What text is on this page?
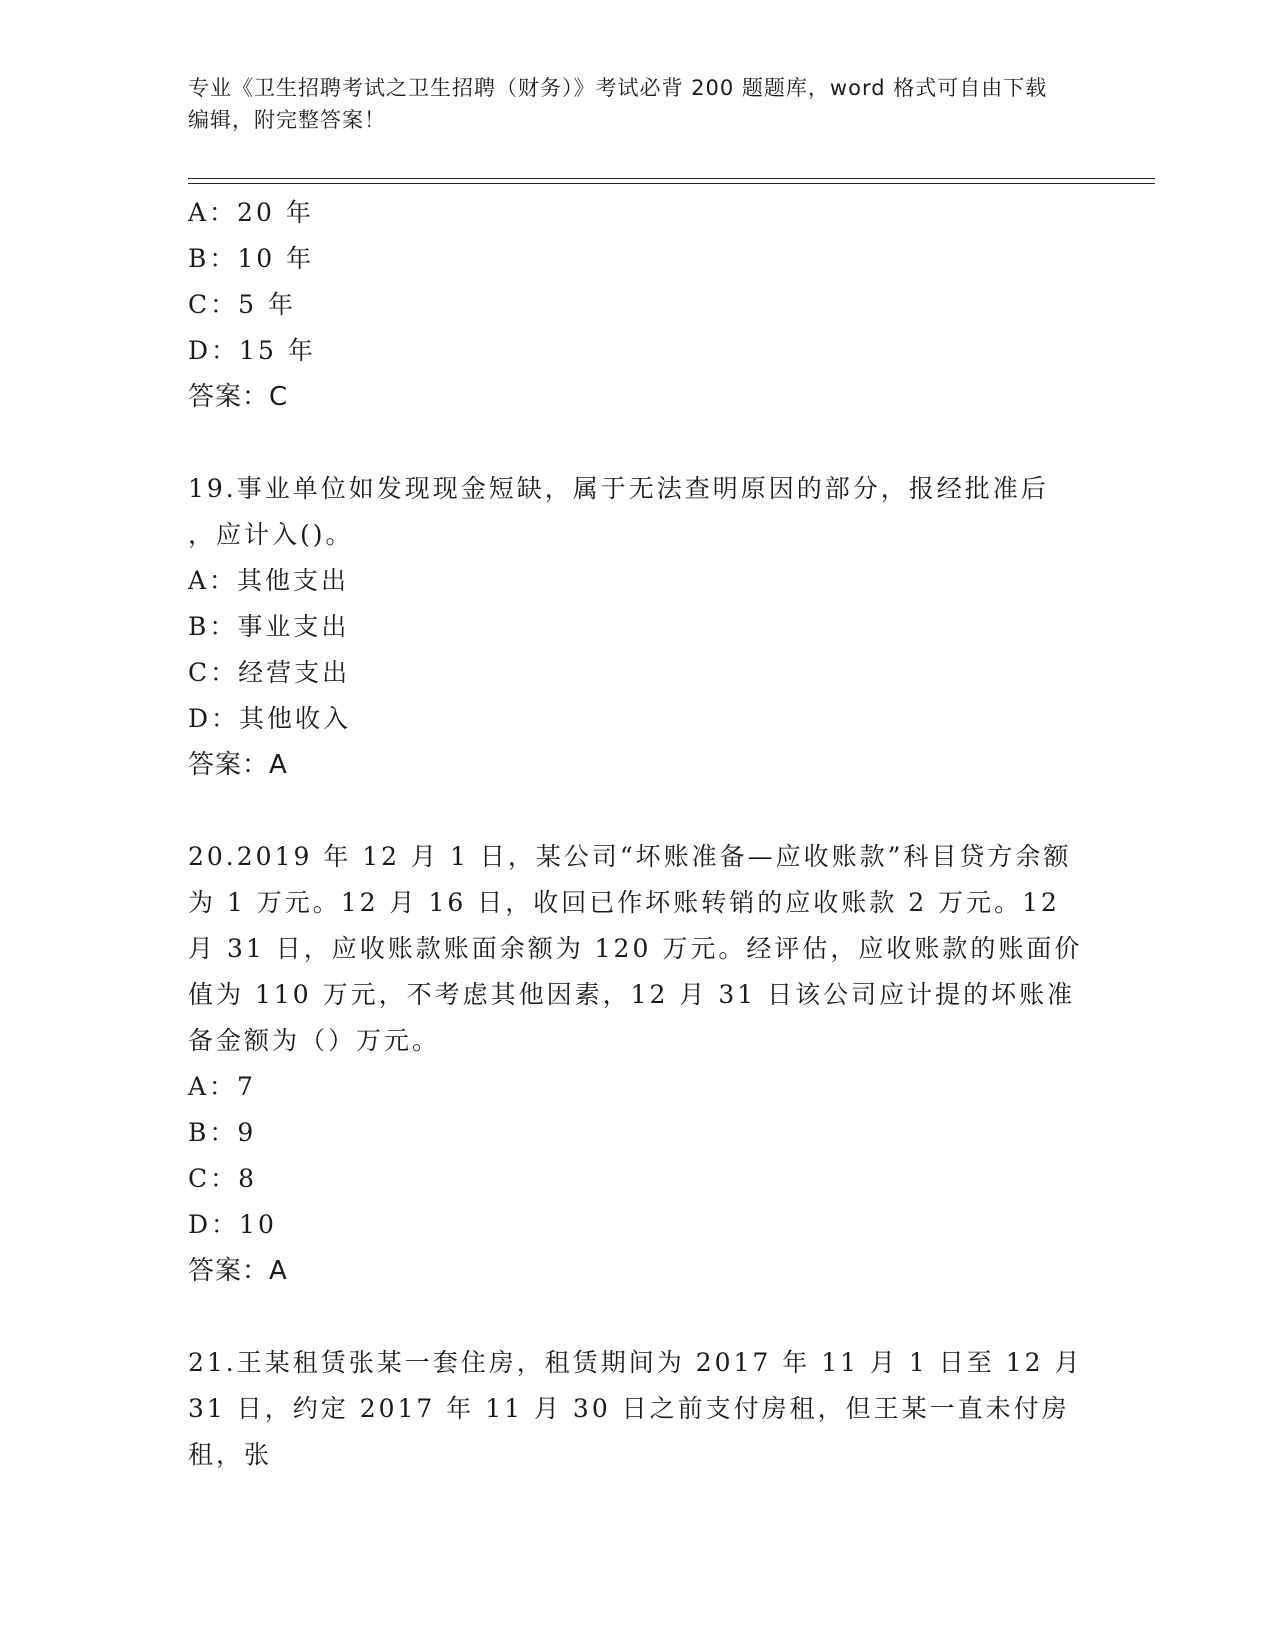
专业《卫生招聘考试之卫生招聘（财务）》考试必背 200 题题库，word 格式可自由下载编辑，附完整答案！
A：20 年
B：10 年
C：5 年
D：15 年
答案：C
19.事业单位如发现现金短缺，属于无法查明原因的部分，报经批准后
，应计入()。
A：其他支出
B：事业支出
C：经营支出
D：其他收入
答案：A
20.2019 年 12 月 1 日，某公司“坏账准备—应收账款”科目贷方余额为 1 万元。12 月 16 日，收回已作坏账转销的应收账款 2 万元。12 月 31 日，应收账款账面余额为 120 万元。经评估，应收账款的账面价值为 110 万元，不考虑其他因素，12 月 31 日该公司应计提的坏账准备金额为（）万元。
A：7
B：9
C：8
D：10
答案：A
21.王某租赁张某一套住房，租赁期间为 2017 年 11 月 1 日至 12 月 31 日，约定 2017 年 11 月 30 日之前支付房租，但王某一直未付房租，张
